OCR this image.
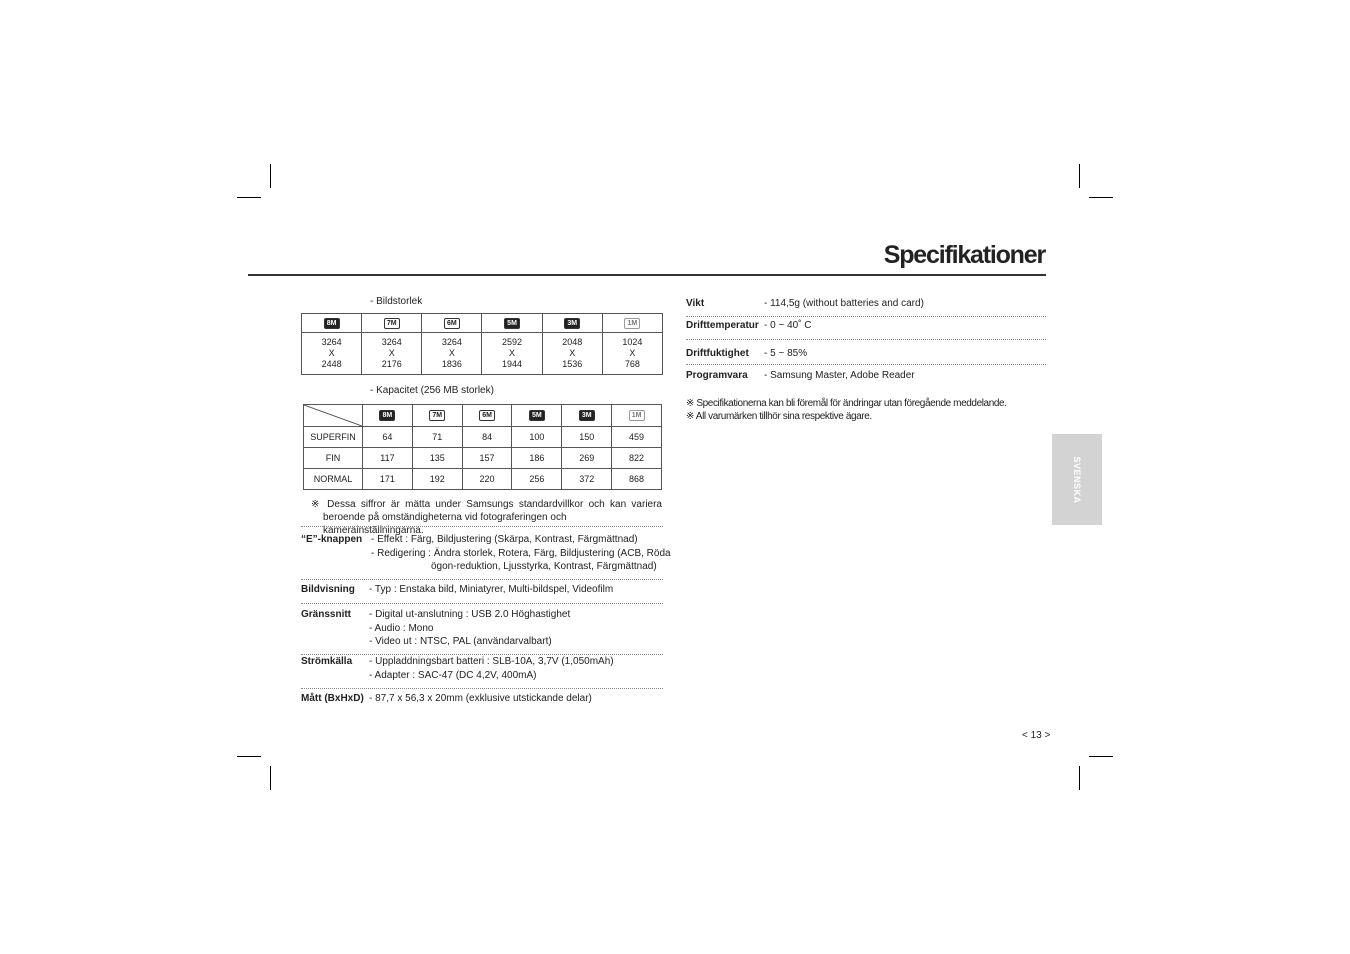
Specifikationer
- Bildstorlek
8M	7M	6M	5M	3M	1M
3264
X
2448	3264
X
2176	3264
X
1836	2592
X
1944	2048
X
1536	1024
X
768
- Kapacitet (256 MB storlek)
	8M	7M	6M	5M	3M	1M
SUPERFIN	64	71	84	100	150	459
FIN	117	135	157	186	269	822
NORMAL	171	192	220	256	372	868
※ Dessa siffror är mätta under Samsungs standardvillkor och kan variera
beroende på omständigheterna vid fotograferingen och kamerainställningarna.
“E”-knappen - Effekt : Färg, Bildjustering (Skärpa, Kontrast, Färgmättnad)
- Redigering : Ändra storlek, Rotera, Färg, Bildjustering (ACB, Röda
ögon-reduktion, Ljusstyrka, Kontrast, Färgmättnad)
Bildvisning - Typ : Enstaka bild, Miniatyrer, Multi-bildspel, Videofilm
Gränssnitt - Digital ut-anslutning : USB 2.0 Höghastighet
- Audio : Mono
- Video ut : NTSC, PAL (användarvalbart)
Strömkälla - Uppladdningsbart batteri : SLB-10A, 3,7V (1,050mAh)
- Adapter : SAC-47 (DC 4,2V, 400mA)
Mått (BxHxD) - 87,7 x 56,3 x 20mm (exklusive utstickande delar)
Vikt	- 114,5g (without batteries and card)
Drifttemperatur - 0 ~ 40˚ C
Driftfuktighet - 5 ~ 85%
Programvara - Samsung Master, Adobe Reader
※ Specifikationerna kan bli föremål för ändringar utan föregående meddelande.
※ All varumärken tillhör sina respektive ägare.
SVENSKA
< 13 >
